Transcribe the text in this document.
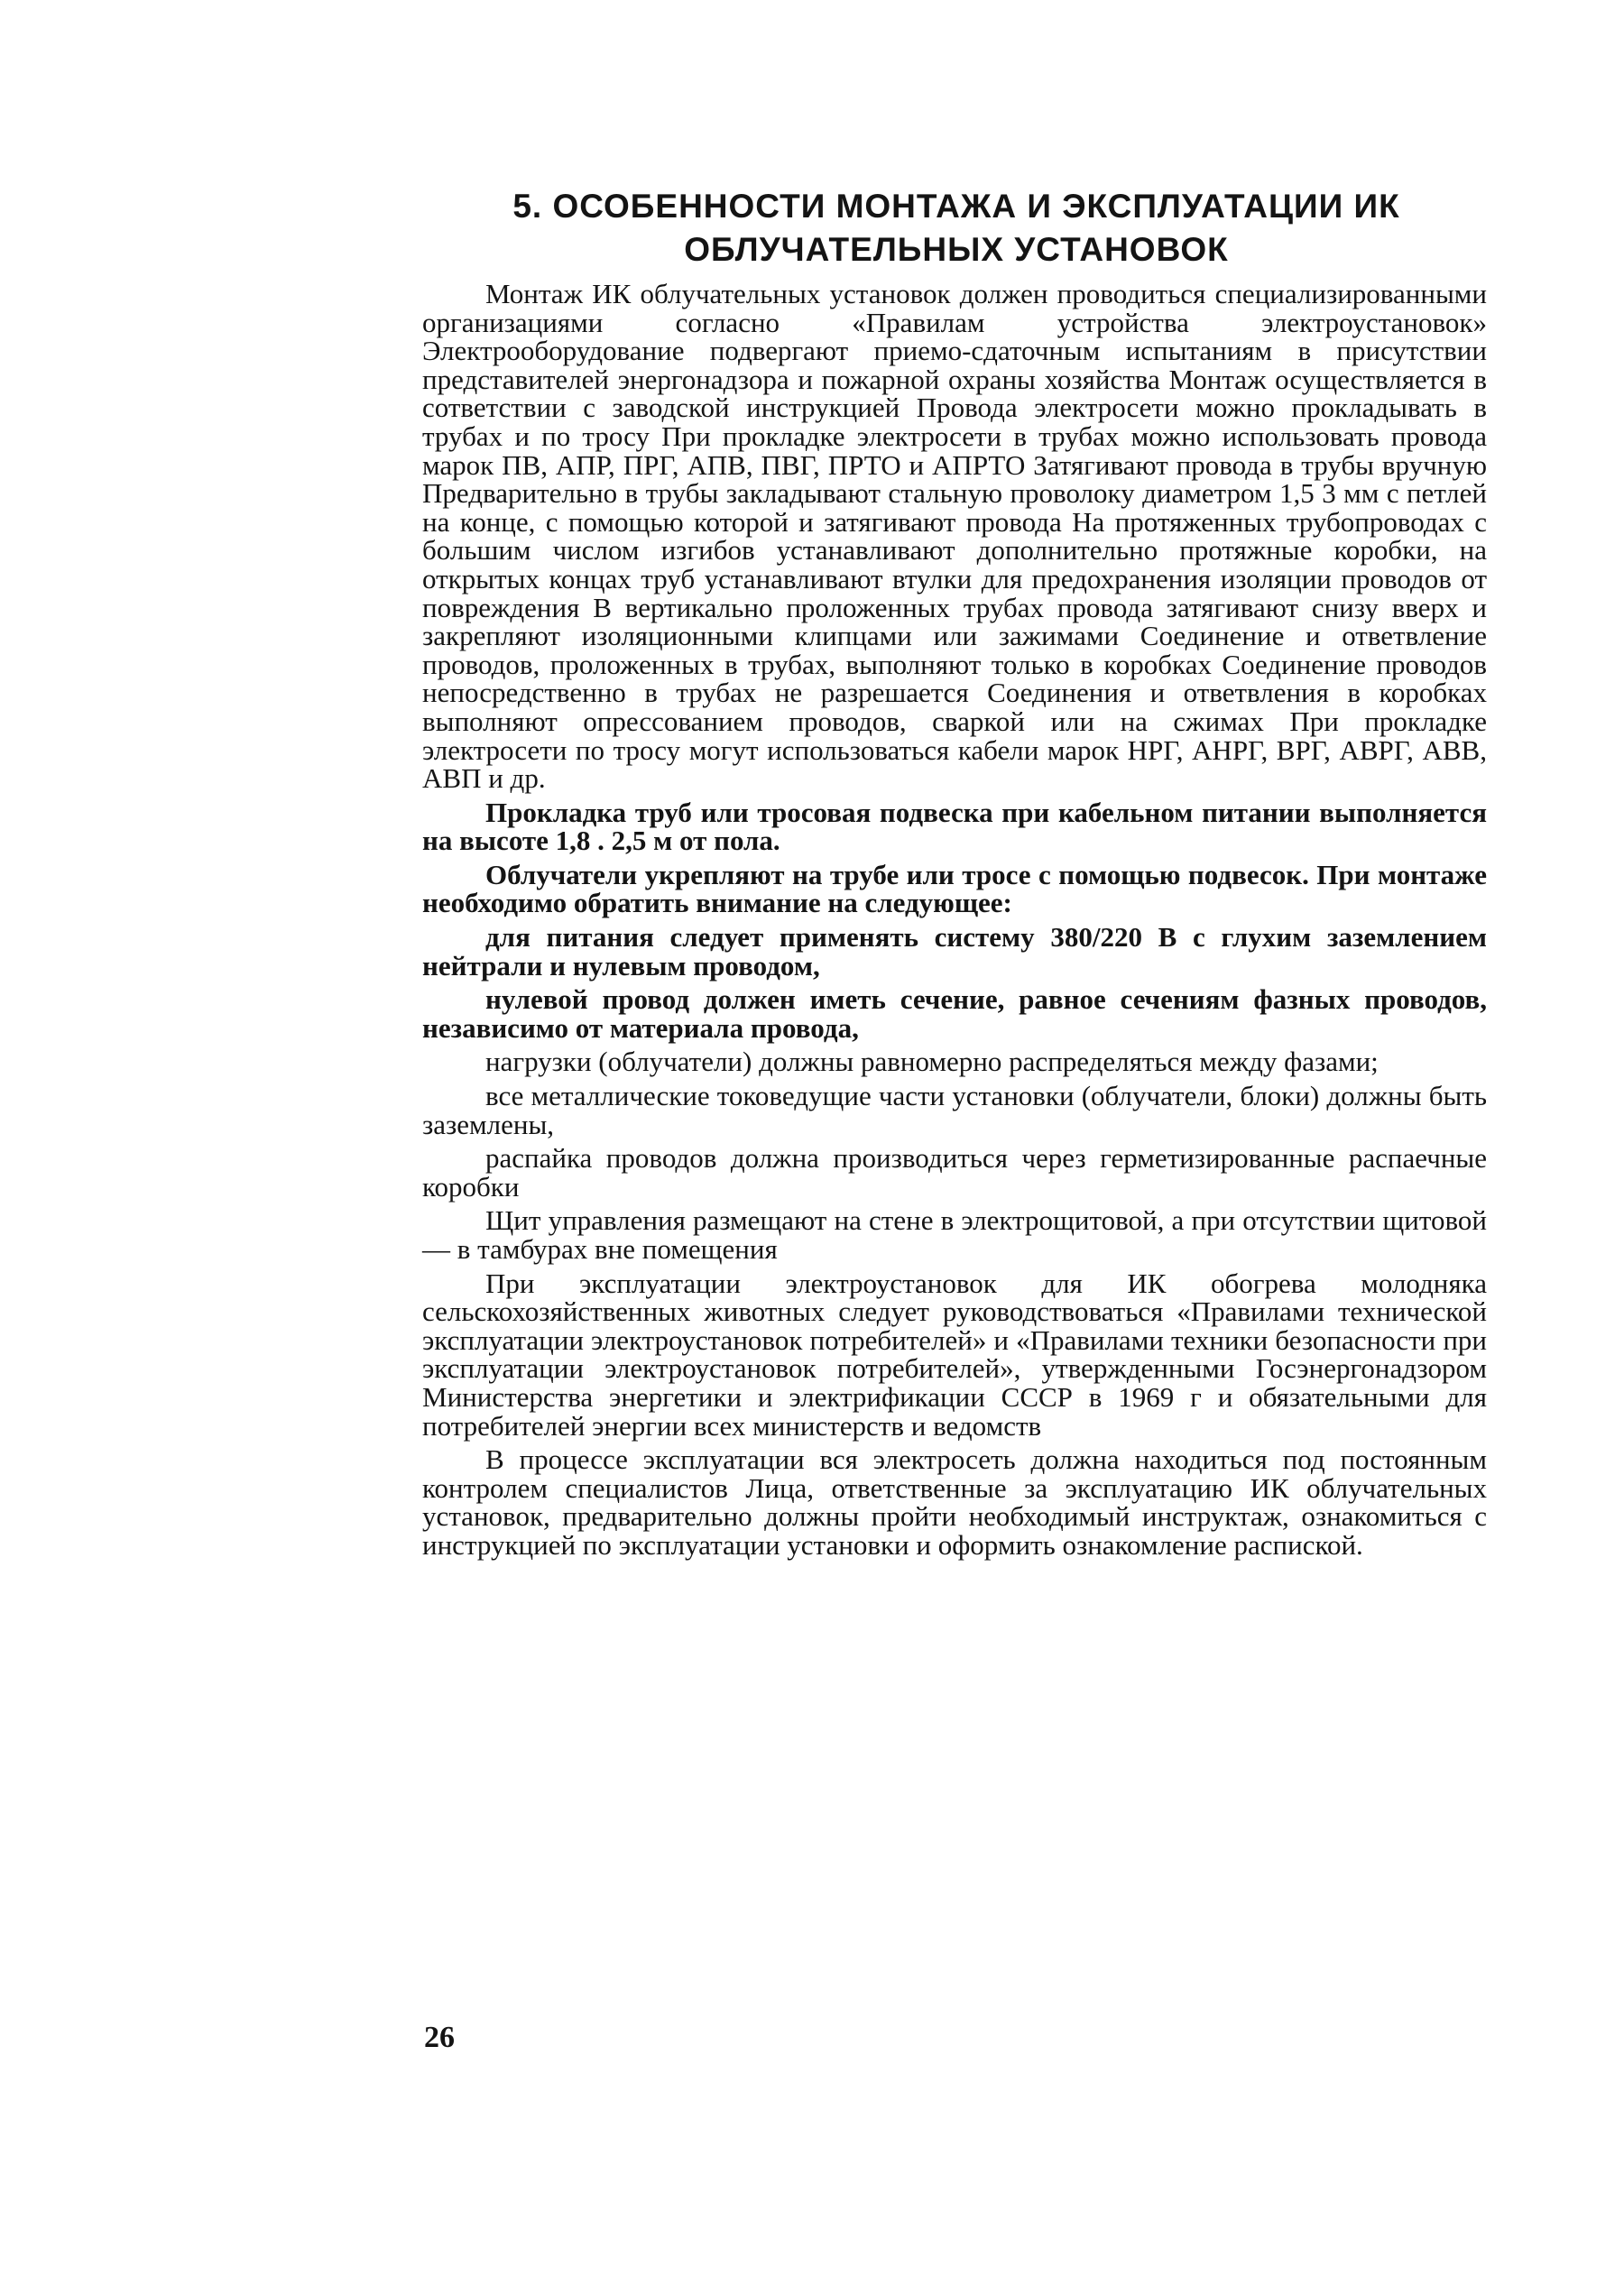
5. ОСОБЕННОСТИ МОНТАЖА И ЭКСПЛУАТАЦИИ ИК
ОБЛУЧАТЕЛЬНЫХ УСТАНОВОК

Монтаж ИК облучательных установок должен проводиться специализированными организациями согласно «Правилам устройства электроустановок» Электрооборудование подвергают приемо-сдаточным испытаниям в присутствии представителей энергонадзора и пожарной охраны хозяйства Монтаж осуществляется в сответствии с заводской инструкцией Провода электросети можно прокладывать в трубах и по тросу При прокладке электросети в трубах можно использовать провода марок ПВ, АПР, ПРГ, АПВ, ПВГ, ПРТО и АПРТО Затягивают провода в трубы вручную Предварительно в трубы закладывают стальную проволоку диаметром 1,5 3 мм с петлей на конце, с помощью которой и затягивают провода На протяженных трубопроводах с большим числом изгибов устанавливают дополнительно протяжные коробки, на открытых концах труб устанавливают втулки для предохранения изоляции проводов от повреждения В вертикально проложенных трубах провода затягивают снизу вверх и закрепляют изоляционными клипцами или зажимами Соединение и ответвление проводов, проложенных в трубах, выполняют только в коробках Соединение проводов непосредственно в трубах не разрешается Соединения и ответвления в коробках выполняют опрессованием проводов, сваркой или на сжимах При прокладке электросети по тросу могут использоваться кабели марок НРГ, АНРГ, ВРГ, АВРГ, АВВ, АВП и др.

Прокладка труб или тросовая подвеска при кабельном питании выполняется на высоте 1,8 . 2,5 м от пола.

Облучатели укрепляют на трубе или тросе с помощью подвесок. При монтаже необходимо обратить внимание на следующее:

для питания следует применять систему 380/220 В с глухим заземлением нейтрали и нулевым проводом,

нулевой провод должен иметь сечение, равное сечениям фазных проводов, независимо от материала провода,

нагрузки (облучатели) должны равномерно распределяться между фазами;

все металлические токоведущие части установки (облучатели, блоки) должны быть заземлены,

распайка проводов должна производиться через герметизированные распаечные коробки

Щит управления размещают на стене в электрощитовой, а при отсутствии щитовой — в тамбурах вне помещения

При эксплуатации электроустановок для ИК обогрева молодняка сельскохозяйственных животных следует руководствоваться «Правилами технической эксплуатации электроустановок потребителей» и «Правилами техники безопасности при эксплуатации электроустановок потребителей», утвержденными Госэнергонадзором Министерства энергетики и электрификации СССР в 1969 г и обязательными для потребителей энергии всех министерств и ведомств

В процессе эксплуатации вся электросеть должна находиться под постоянным контролем специалистов Лица, ответственные за эксплуатацию ИК облучательных установок, предварительно должны пройти необходимый инструктаж, ознакомиться с инструкцией по эксплуатации установки и оформить ознакомление распиской.

26
